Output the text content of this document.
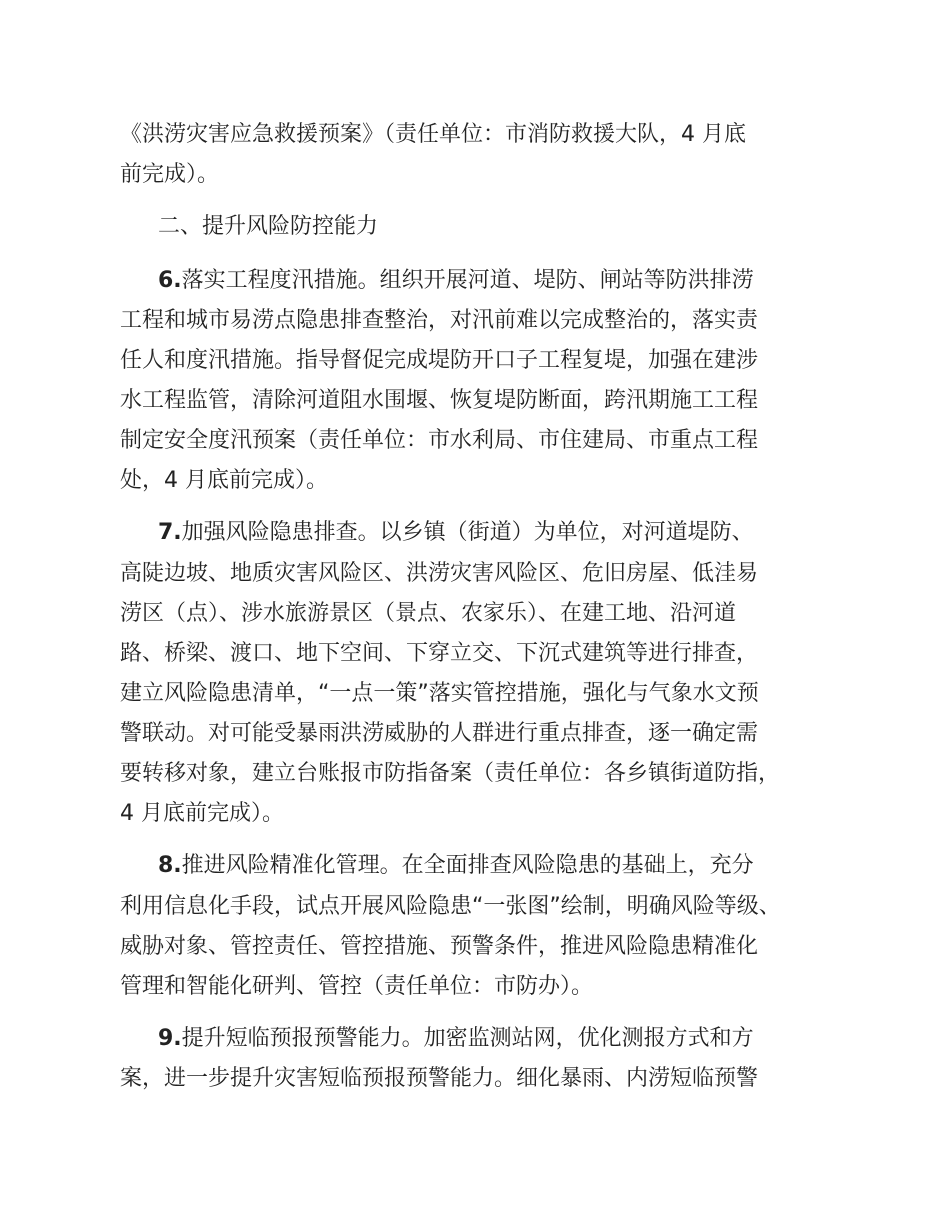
《洪涝灾害应急救援预案》（责任单位：市消防救援大队，4 月底
前完成）。
二、提升风险防控能力
6.落实工程度汛措施。组织开展河道、堤防、闸站等防洪排涝
工程和城市易涝点隐患排查整治，对汛前难以完成整治的，落实责
任人和度汛措施。指导督促完成堤防开口子工程复堤，加强在建涉
水工程监管，清除河道阻水围堰、恢复堤防断面，跨汛期施工工程
制定安全度汛预案（责任单位：市水利局、市住建局、市重点工程
处，4 月底前完成）。
7.加强风险隐患排查。以乡镇（街道）为单位，对河道堤防、
高陡边坡、地质灾害风险区、洪涝灾害风险区、危旧房屋、低洼易
涝区（点）、涉水旅游景区（景点、农家乐）、在建工地、沿河道
路、桥梁、渡口、地下空间、下穿立交、下沉式建筑等进行排查，
建立风险隐患清单，“一点一策”落实管控措施，强化与气象水文预
警联动。对可能受暴雨洪涝威胁的人群进行重点排查，逐一确定需
要转移对象，建立台账报市防指备案（责任单位：各乡镇街道防指，
4 月底前完成）。
8.推进风险精准化管理。在全面排查风险隐患的基础上，充分
利用信息化手段，试点开展风险隐患“一张图”绘制，明确风险等级、
威胁对象、管控责任、管控措施、预警条件，推进风险隐患精准化
管理和智能化研判、管控（责任单位：市防办）。
9.提升短临预报预警能力。加密监测站网，优化测报方式和方
案，进一步提升灾害短临预报预警能力。细化暴雨、内涝短临预警
